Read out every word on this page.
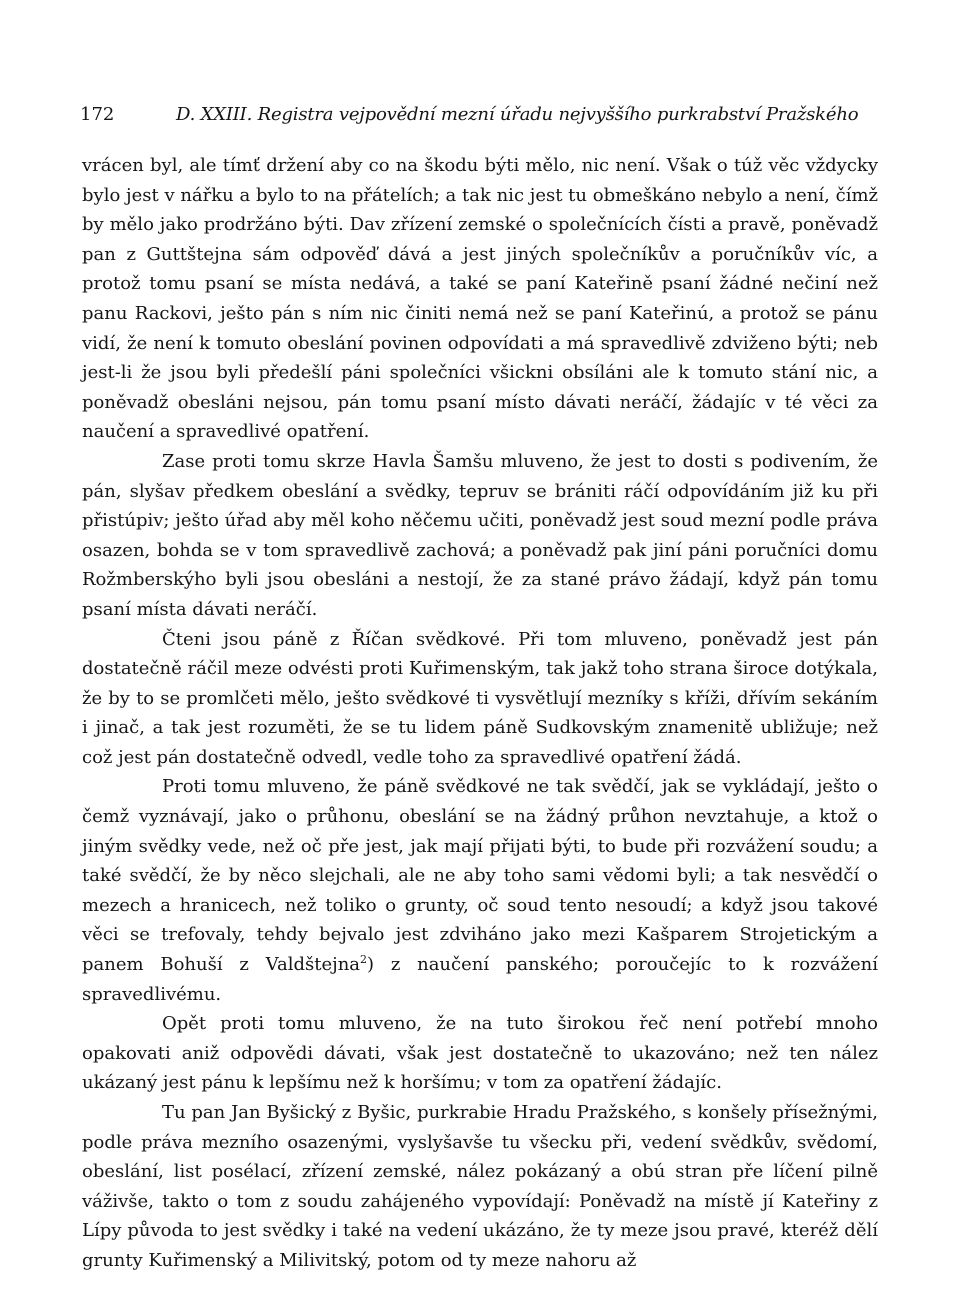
172	D. XXIII. Registra vejpovědní mezní úřadu nejvyššího purkrabství Pražského

vrácen byl, ale tímť držení aby co na škodu býti mělo, nic není. Však o túž věc vždycky bylo jest v nářku a bylo to na přátelích; a tak nic jest tu obmeškáno nebylo a není, čímž by mělo jako prodržáno býti. Dav zřízení zemské o společnících čísti a pravě, poněvadž pan z Guttštejna sám odpověď dává a jest jiných společníkův a poručníkův víc, a protož tomu psaní se místa nedává, a také se paní Kateřině psaní žádné nečiní než panu Rackovi, ješto pán s ním nic činiti nemá než se paní Kateřinú, a protož se pánu vidí, že není k tomuto obeslání povinen odpovídati a má spravedlivě zdviženo býti; neb jest-li že jsou byli předešlí páni společníci všickni obsíláni ale k tomuto stání nic, a poněvadž obesláni nejsou, pán tomu psaní místo dávati neráčí, žádajíc v té věci za naučení a spravedlivé opatření.

Zase proti tomu skrze Havla Šamšu mluveno, že jest to dosti s podivením, že pán, slyšav předkem obeslání a svědky, tepruv se brániti ráčí odpovídáním již ku při přistúpiv; ješto úřad aby měl koho něčemu učiti, poněvadž jest soud mezní podle práva osazen, bohda se v tom spravedlivě zachová; a poněvadž pak jiní páni poručníci domu Rožmberskýho byli jsou obesláni a nestojí, že za stané právo žádají, když pán tomu psaní místa dávati neráčí.

Čteni jsou páně z Říčan svědkové. Při tom mluveno, poněvadž jest pán dostatečně ráčil meze odvésti proti Kuřimenským, tak jakž toho strana široce dotýkala, že by to se promlčeti mělo, ješto svědkové ti vysvětlují mezníky s kříži, dřívím sekáním i jinač, a tak jest rozuměti, že se tu lidem páně Sudkovským znamenitě ubližuje; než což jest pán dostatečně odvedl, vedle toho za spravedlivé opatření žádá.

Proti tomu mluveno, že páně svědkové ne tak svědčí, jak se vykládají, ješto o čemž vyznávají, jako o průhonu, obeslání se na žádný průhon nevztahuje, a ktož o jiným svědky vede, než oč pře jest, jak mají přijati býti, to bude při rozvážení soudu; a také svědčí, že by něco slejchali, ale ne aby toho sami vědomi byli; a tak nesvědčí o mezech a hranicech, než toliko o grunty, oč soud tento nesoudí; a když jsou takové věci se trefovaly, tehdy bejvalo jest zdviháno jako mezi Kašparem Strojetickým a panem Bohuší z Valdštejna$^2$) z naučení panského; poroučejíc to k rozvážení spravedlivému.

Opět proti tomu mluveno, že na tuto širokou řeč není potřebí mnoho opakovati aniž odpovědi dávati, však jest dostatečně to ukazováno; než ten nález ukázaný jest pánu k lepšímu než k horšímu; v tom za opatření žádajíc.

Tu pan Jan Byšický z Byšic, purkrabie Hradu Pražského, s konšely přísežnými, podle práva mezního osazenými, vyslyšavše tu všecku při, vedení svědkův, svědomí, obeslání, list posélací, zřízení zemské, nález pokázaný a obú stran pře líčení pilně váživše, takto o tom z soudu zahájeného vypovídají: Poněvadž na místě jí Kateřiny z Lípy původa to jest svědky i také na vedení ukázáno, že ty meze jsou pravé, kteréž dělí grunty Kuřimenský a Milivitský, potom od ty meze nahoru až
